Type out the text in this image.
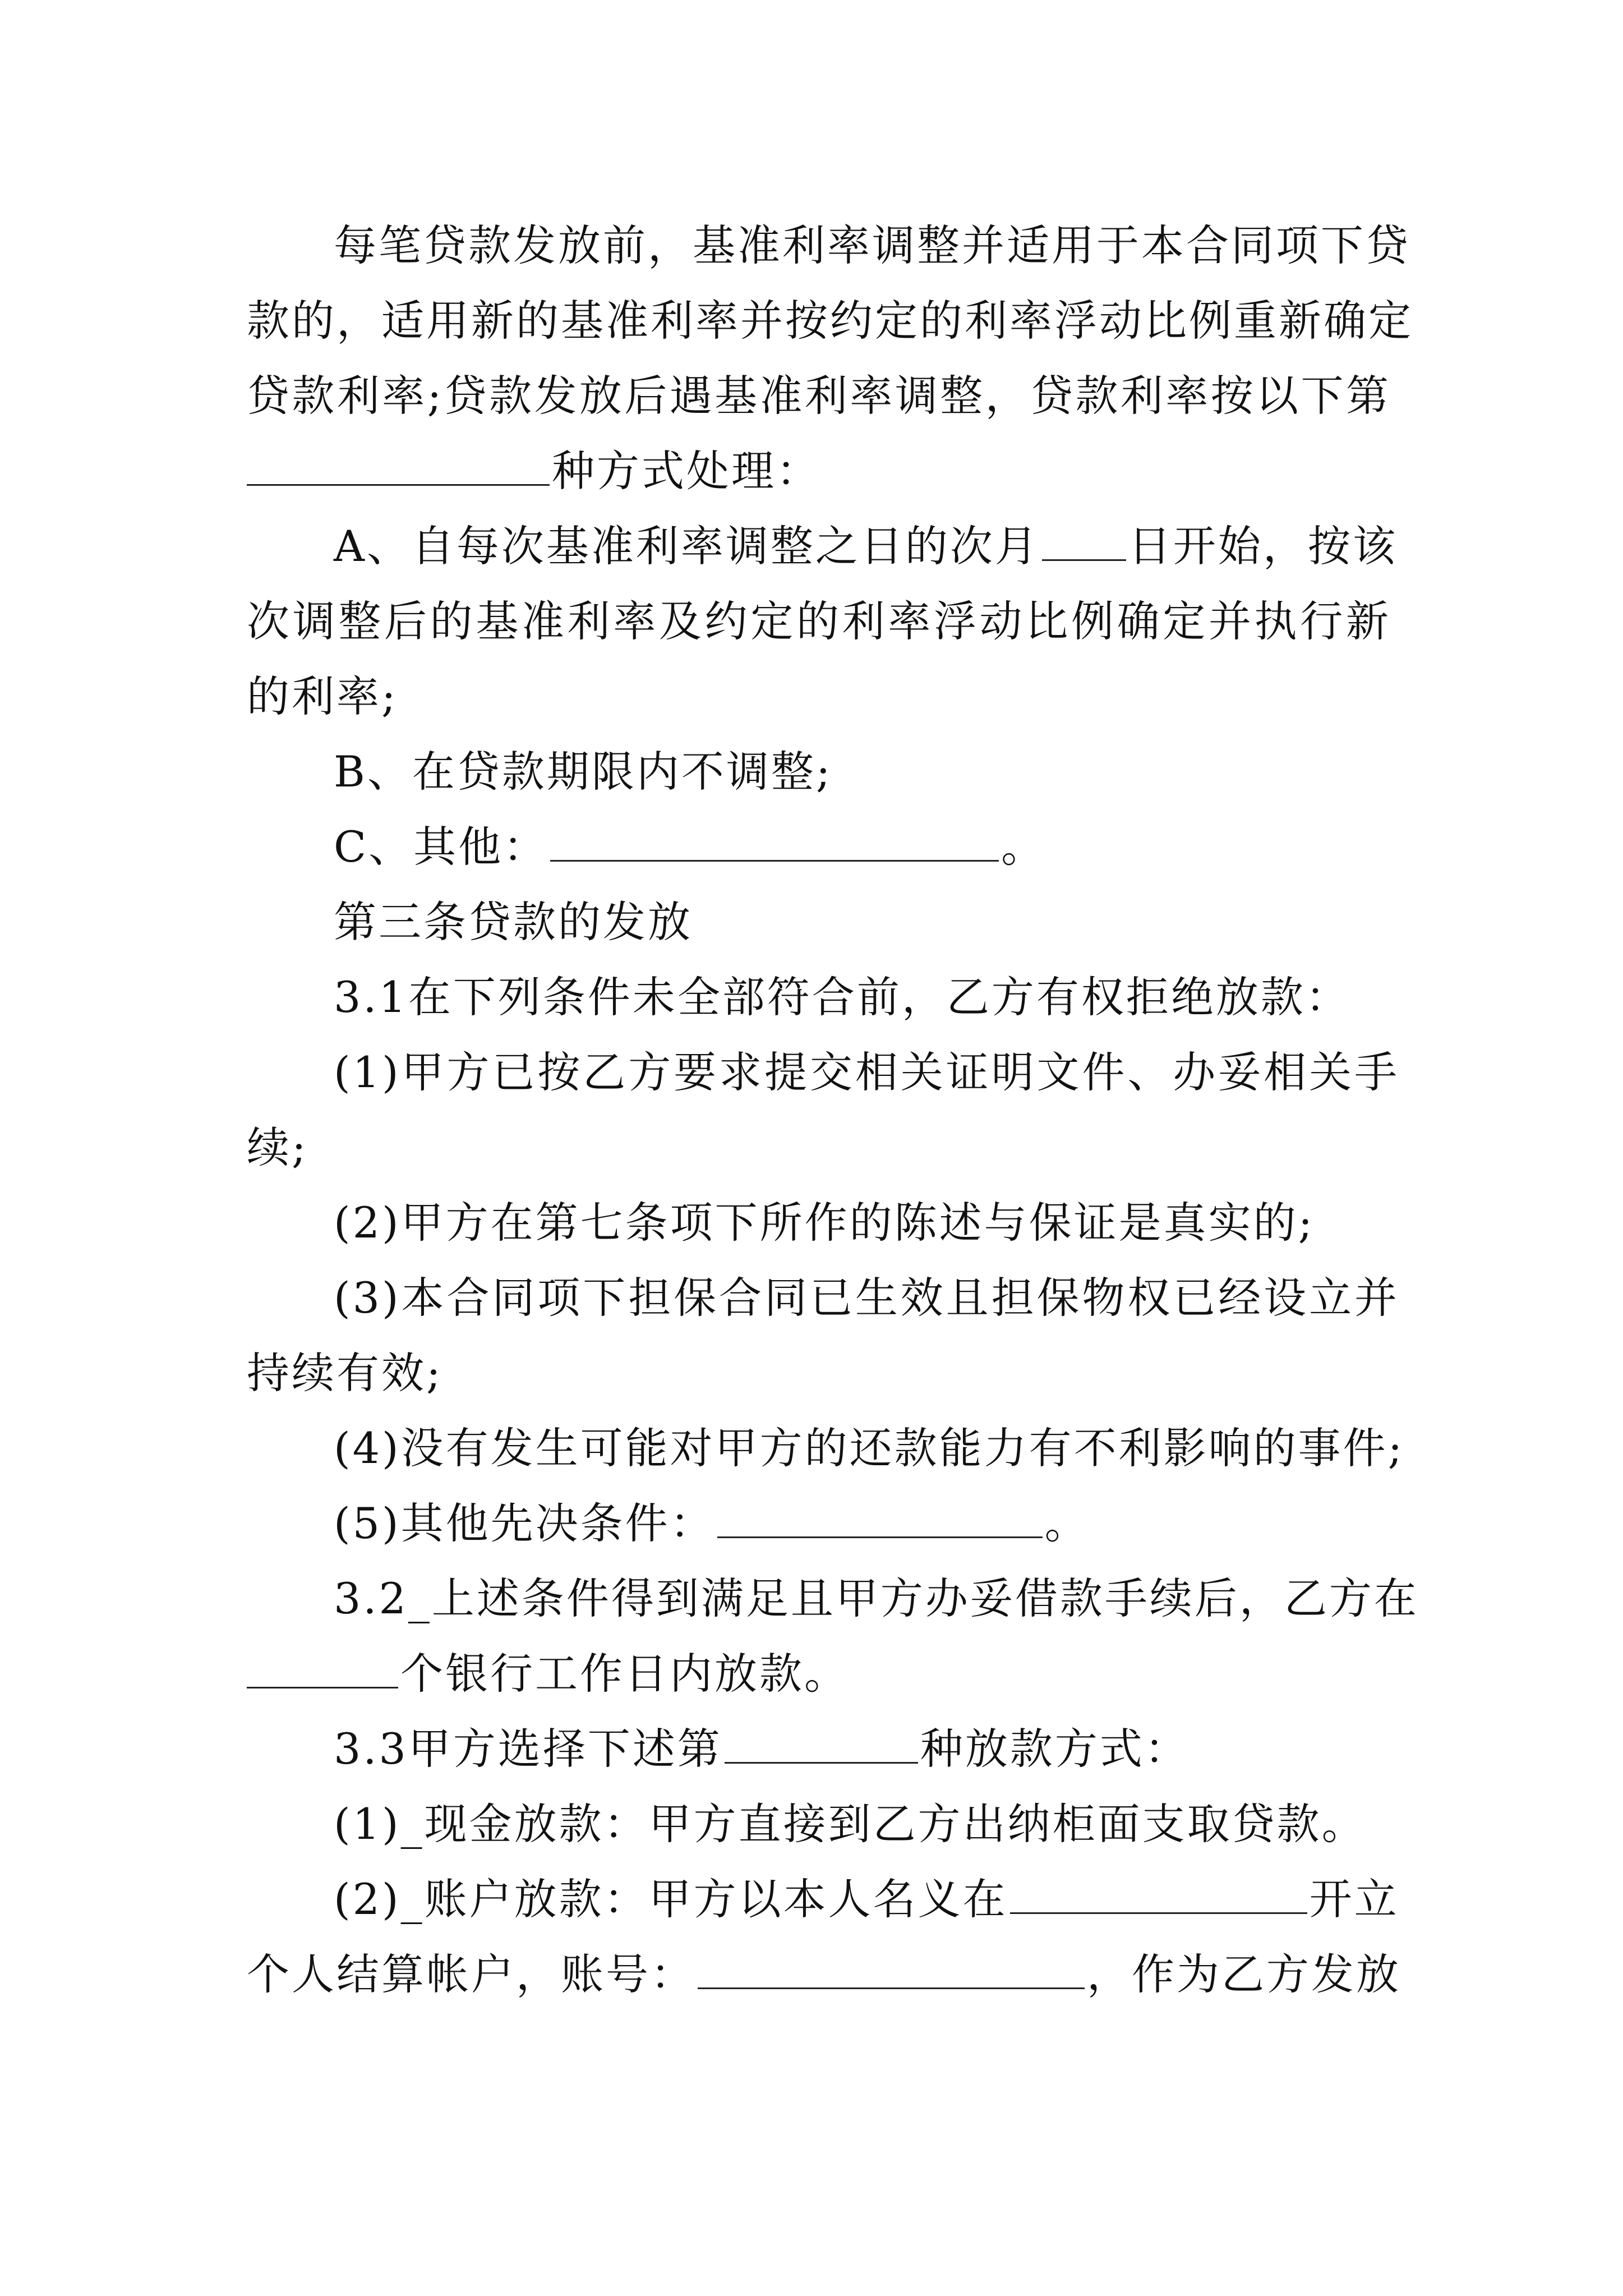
每笔贷款发放前，基准利率调整并适用于本合同项下贷
款的，适用新的基准利率并按约定的利率浮动比例重新确定
贷款利率;贷款发放后遇基准利率调整，贷款利率按以下第
种方式处理：
A、自每次基准利率调整之日的次月 日开始，按该
次调整后的基准利率及约定的利率浮动比例确定并执行新
的利率;
B、在贷款期限内不调整;
C、其他：	。
第三条贷款的发放
3.1在下列条件未全部符合前，乙方有权拒绝放款：
(1)甲方已按乙方要求提交相关证明文件、办妥相关手
续;
(2)甲方在第七条项下所作的陈述与保证是真实的;
(3)本合同项下担保合同已生效且担保物权已经设立并
持续有效;
(4)没有发生可能对甲方的还款能力有不利影响的事件;
(5)其他先决条件：	。
3.2_上述条件得到满足且甲方办妥借款手续后，乙方在
个银行工作日内放款。
3.3甲方选择下述第	种放款方式：
(1)_现金放款：甲方直接到乙方出纳柜面支取贷款。
(2)_账户放款：甲方以本人名义在	开立
个人结算帐户，账号：	，作为乙方发放
